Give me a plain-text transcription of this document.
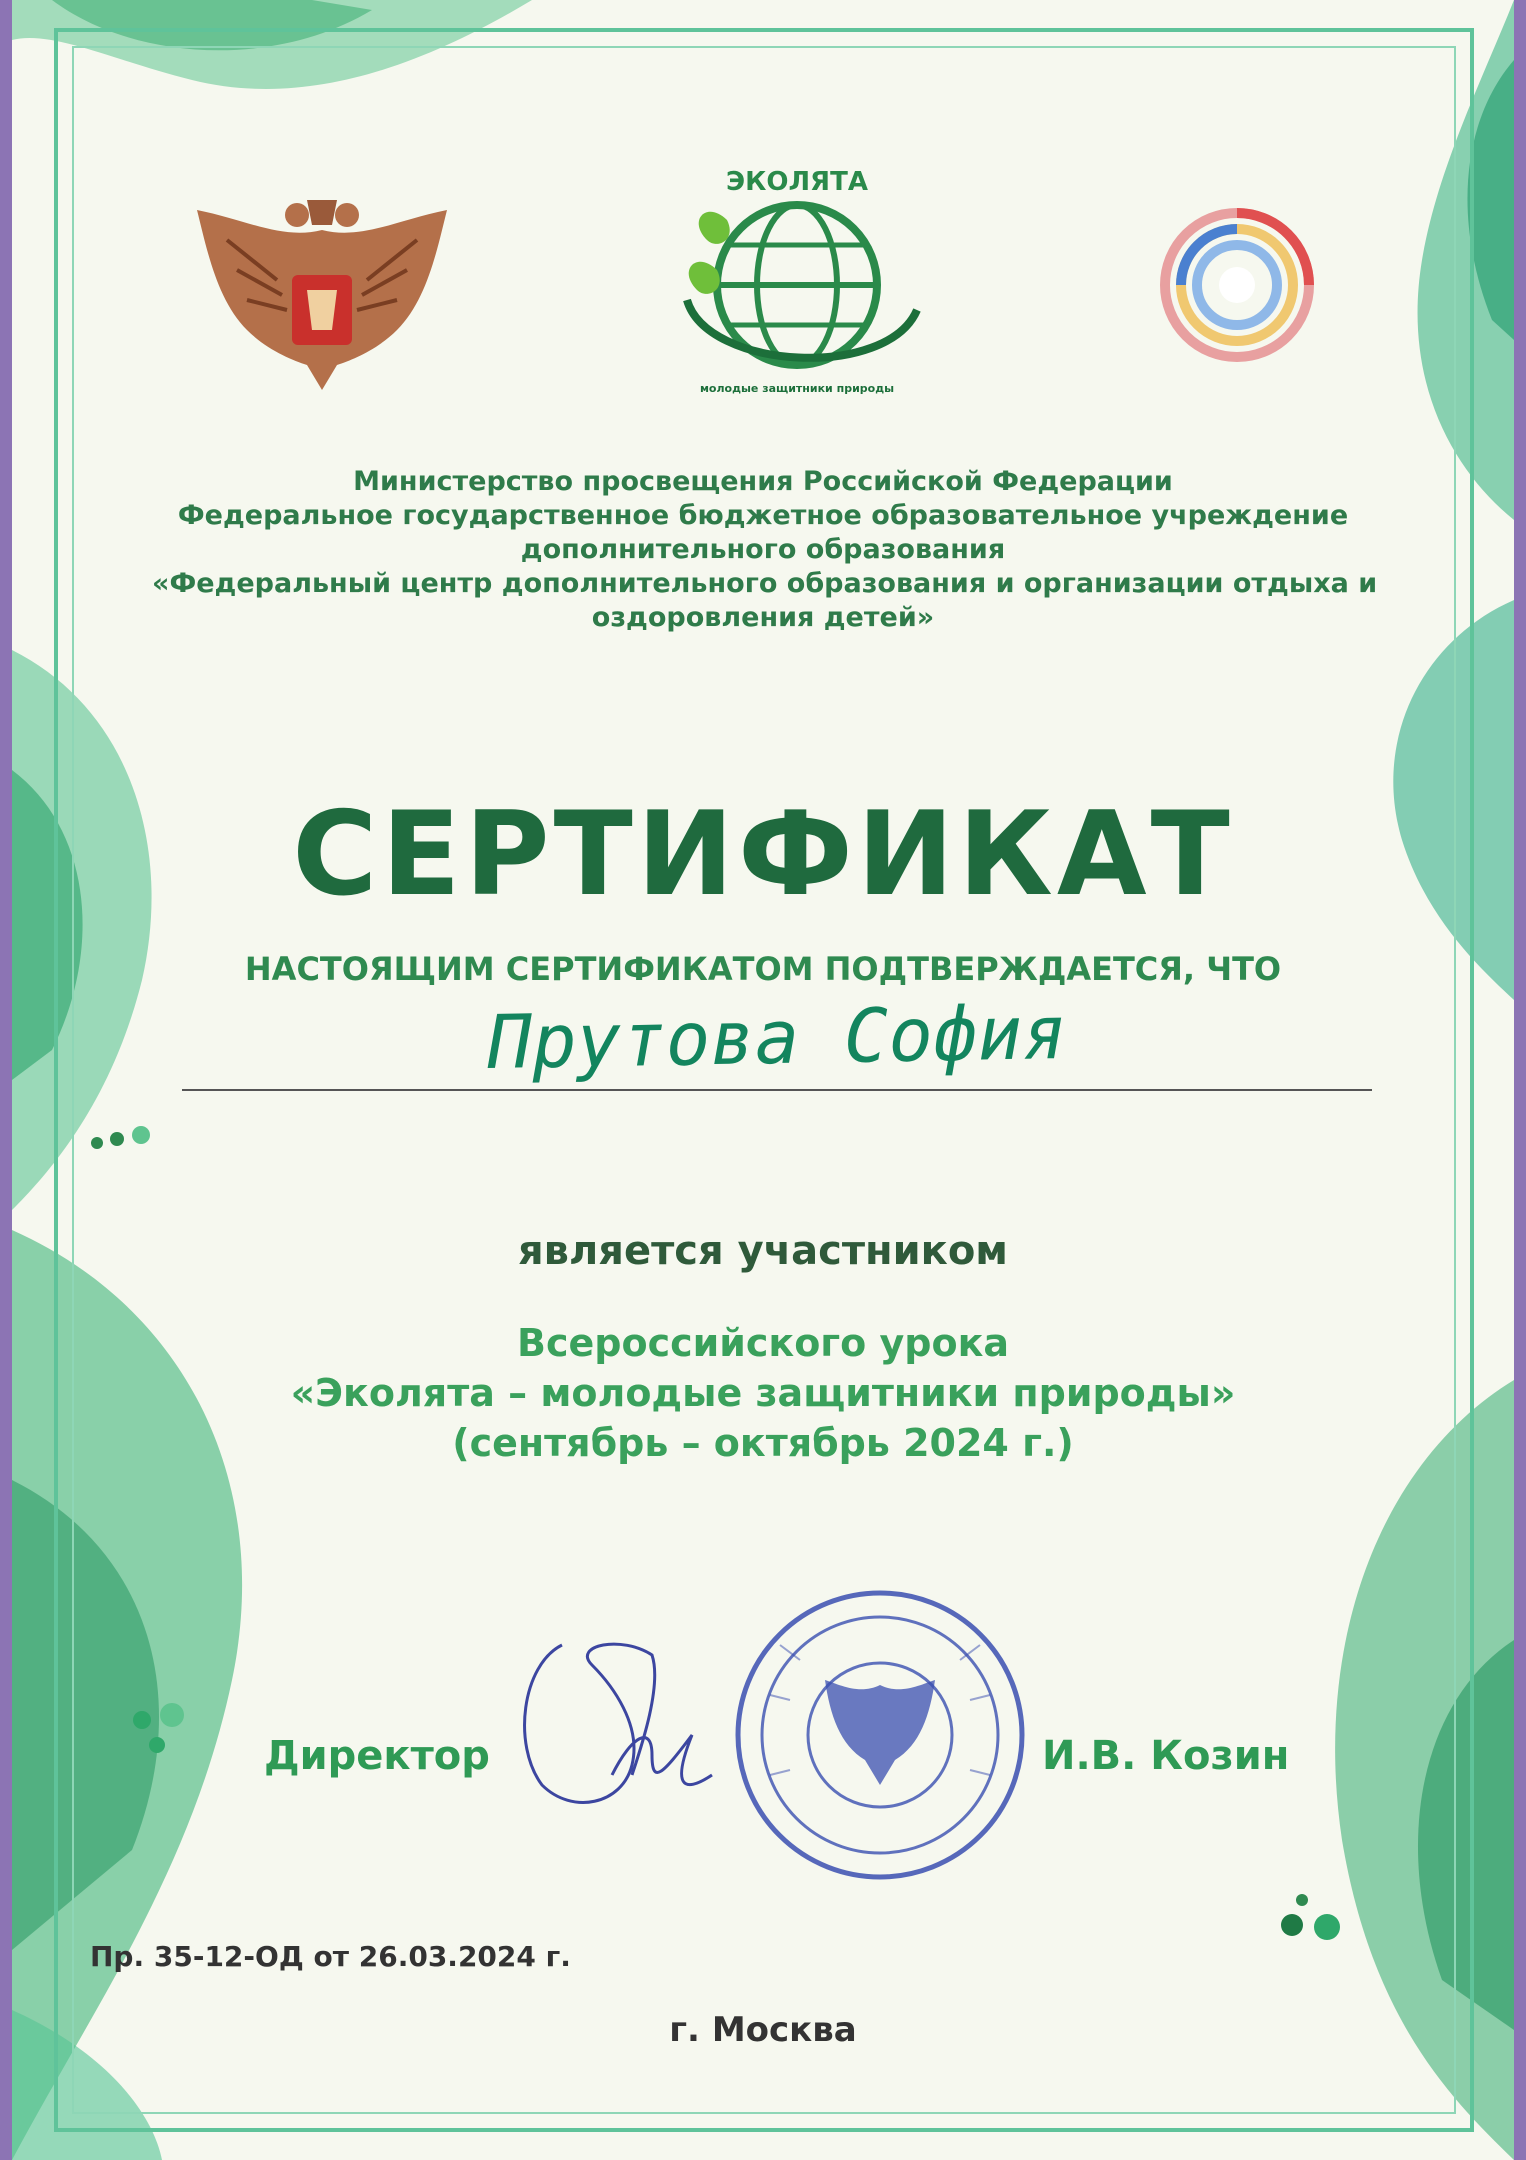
ЭКОЛЯТА
молодые защитники природы
Министерство просвещения Российской Федерации
Федеральное государственное бюджетное образовательное учреждение
дополнительного образования
«Федеральный центр дополнительного образования и организации отдыха и
оздоровления детей»
СЕРТИФИКАТ
НАСТОЯЩИМ СЕРТИФИКАТОМ ПОДТВЕРЖДАЕТСЯ, ЧТО
Прутова София
является участником
Всероссийского урока
«Эколята – молодые защитники природы»
(сентябрь – октябрь 2024 г.)
Директор	И.В. Козин
Пр. 35-12-ОД от 26.03.2024 г.
г. Москва
